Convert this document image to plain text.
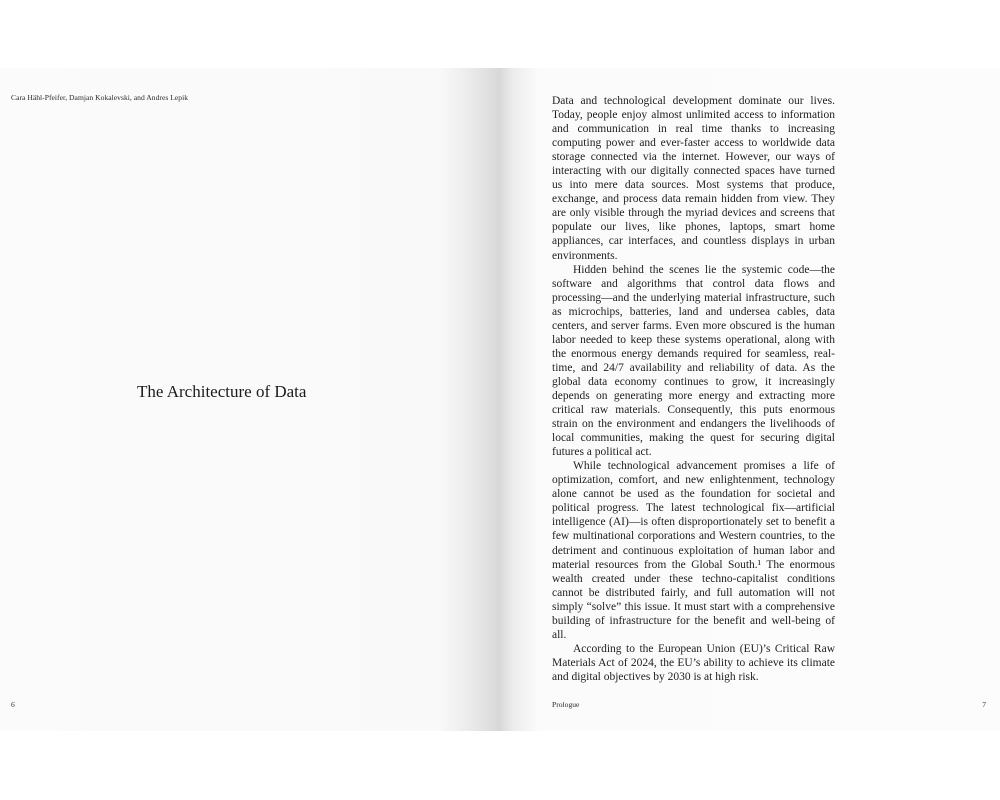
Cara Hähl-Pfeifer, Damjan Kokalevski, and Andres Lepik
The Architecture of Data
6

Data and technological development dominate our lives. Today, people enjoy almost unlimited access to information and communication in real time thanks to increasing computing power and ever-faster access to worldwide data storage connected via the internet. However, our ways of interacting with our digitally connected spaces have turned us into mere data sources. Most systems that produce, exchange, and process data remain hidden from view. They are only visible through the myriad devices and screens that populate our lives, like phones, laptops, smart home appliances, car interfaces, and countless displays in urban environments.

Hidden behind the scenes lie the systemic code—the software and algorithms that control data flows and processing—and the underlying material infrastructure, such as microchips, batteries, land and undersea cables, data centers, and server farms. Even more obscured is the human labor needed to keep these systems operational, along with the enormous energy demands required for seamless, real-time, and 24/7 availability and reliability of data. As the global data economy continues to grow, it increasingly depends on generating more energy and extracting more critical raw materials. Consequently, this puts enormous strain on the environment and endangers the livelihoods of local communities, making the quest for securing digital futures a political act.

While technological advancement promises a life of optimization, comfort, and new enlightenment, technology alone cannot be used as the foundation for societal and political progress. The latest technological fix—artificial intelligence (AI)—is often disproportionately set to benefit a few multinational corporations and Western countries, to the detriment and continuous exploitation of human labor and material resources from the Global South.¹ The enormous wealth created under these techno-capitalist conditions cannot be distributed fairly, and full automation will not simply “solve” this issue. It must start with a comprehensive building of infrastructure for the benefit and well-being of all.

According to the European Union (EU)’s Critical Raw Materials Act of 2024, the EU’s ability to achieve its climate and digital objectives by 2030 is at high risk.

Prologue	7
